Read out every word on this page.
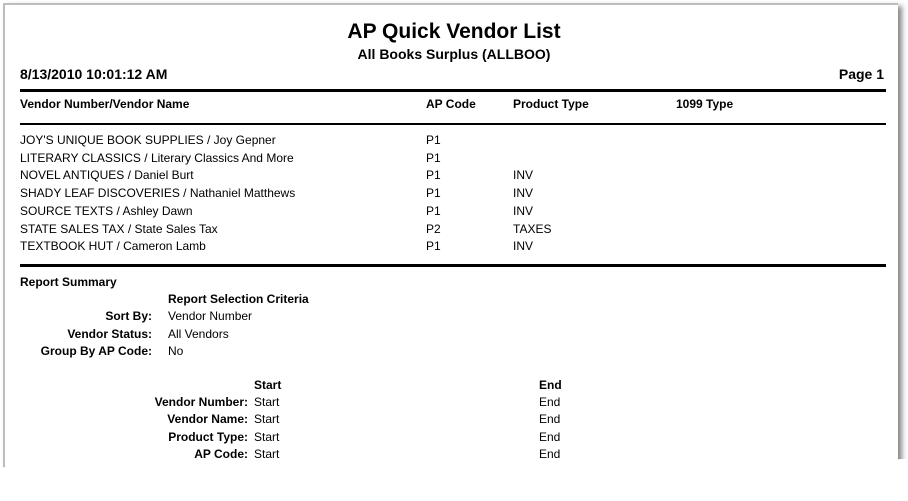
AP Quick Vendor List
All Books Surplus (ALLBOO)
8/13/2010 10:01:12 AM	Page 1
Vendor Number/Vendor Name	AP Code	Product Type	1099 Type
JOY'S UNIQUE BOOK SUPPLIES / Joy Gepner	P1
LITERARY CLASSICS / Literary Classics And More	P1
NOVEL ANTIQUES / Daniel Burt	P1	INV
SHADY LEAF DISCOVERIES / Nathaniel Matthews	P1	INV
SOURCE TEXTS / Ashley Dawn	P1	INV
STATE SALES TAX / State Sales Tax	P2	TAXES
TEXTBOOK HUT / Cameron Lamb	P1	INV
Report Summary
Report Selection Criteria
Sort By: Vendor Number
Vendor Status: All Vendors
Group By AP Code: No
Start	End
Vendor Number: Start	End
Vendor Name: Start	End
Product Type: Start	End
AP Code: Start	End
